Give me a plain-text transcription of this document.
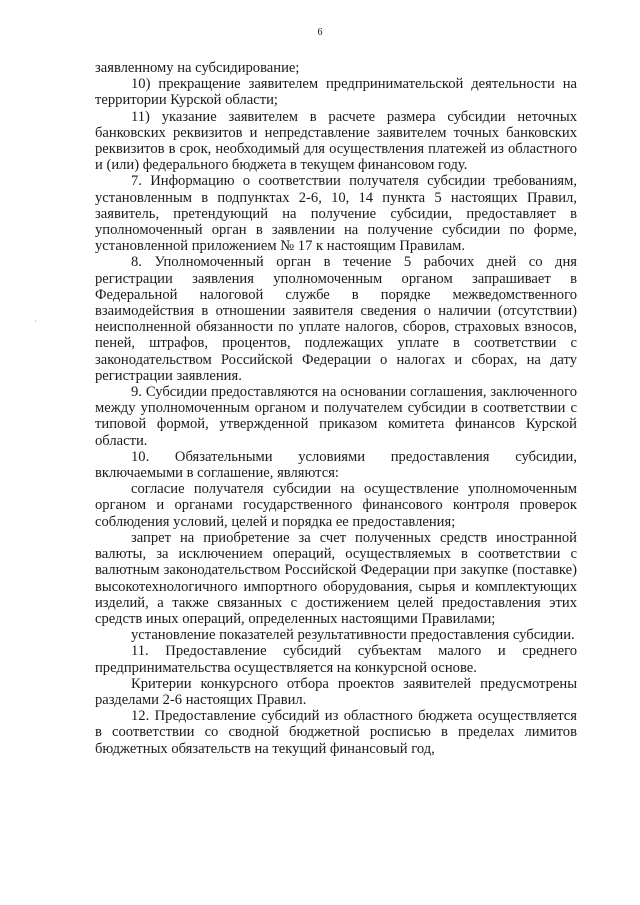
6
·

заявленному на субсидирование;

10) прекращение заявителем предпринимательской деятельности на территории Курской области;

11) указание заявителем в расчете размера субсидии неточных банковских реквизитов и непредставление заявителем точных банковских реквизитов в срок, необходимый для осуществления платежей из областного и (или) федерального бюджета в текущем финансовом году.

7. Информацию о соответствии получателя субсидии требованиям, установленным в подпунктах 2-6, 10, 14 пункта 5 настоящих Правил, заявитель, претендующий на получение субсидии, предоставляет в уполномоченный орган в заявлении на получение субсидии по форме, установленной приложением № 17 к настоящим Правилам.

8. Уполномоченный орган в течение 5 рабочих дней со дня регистрации заявления уполномоченным органом запрашивает в Федеральной налоговой службе в порядке межведомственного взаимодействия в отношении заявителя сведения о наличии (отсутствии) неисполненной обязанности по уплате налогов, сборов, страховых взносов, пеней, штрафов, процентов, подлежащих уплате в соответствии с законодательством Российской Федерации о налогах и сборах, на дату регистрации заявления.

9. Субсидии предоставляются на основании соглашения, заключенного между уполномоченным органом и получателем субсидии в соответствии с типовой формой, утвержденной приказом комитета финансов Курской области.

10. Обязательными условиями предоставления субсидии, включаемыми в соглашение, являются:

согласие получателя субсидии на осуществление уполномоченным органом и органами государственного финансового контроля проверок соблюдения условий, целей и порядка ее предоставления;

запрет на приобретение за счет полученных средств иностранной валюты, за исключением операций, осуществляемых в соответствии с валютным законодательством Российской Федерации при закупке (поставке) высокотехнологичного импортного оборудования, сырья и комплектующих изделий, а также связанных с достижением целей предоставления этих средств иных операций, определенных настоящими Правилами;

установление показателей результативности предоставления субсидии.

11. Предоставление субсидий субъектам малого и среднего предпринимательства осуществляется на конкурсной основе.

Критерии конкурсного отбора проектов заявителей предусмотрены разделами 2-6 настоящих Правил.

12. Предоставление субсидий из областного бюджета осуществляется в соответствии со сводной бюджетной росписью в пределах лимитов бюджетных обязательств на текущий финансовый год,
